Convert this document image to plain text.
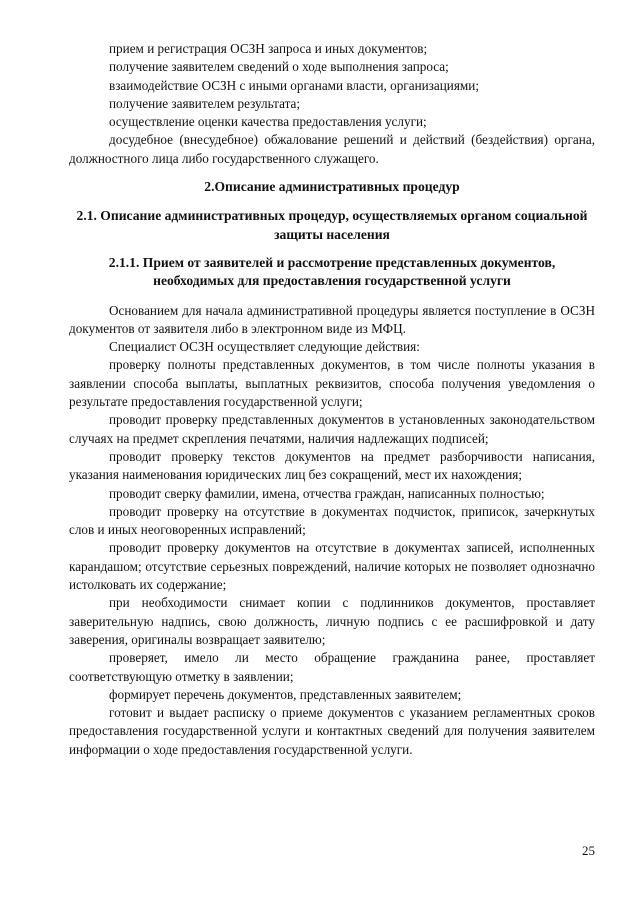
прием и регистрация ОСЗН запроса и иных документов;

получение заявителем сведений о ходе выполнения запроса;

взаимодействие ОСЗН с иными органами власти, организациями;

получение заявителем результата;

осуществление оценки качества предоставления услуги;

досудебное (внесудебное) обжалование решений и действий (бездействия) органа, должностного лица либо государственного служащего.

2.Описание административных процедур

2.1. Описание административных процедур, осуществляемых органом социальной защиты населения

2.1.1. Прием от заявителей и рассмотрение представленных документов, необходимых для предоставления государственной услуги

Основанием для начала административной процедуры является поступление в ОСЗН документов от заявителя либо в электронном виде из МФЦ.

Специалист ОСЗН осуществляет следующие действия:

проверку полноты представленных документов, в том числе полноты указания в заявлении способа выплаты, выплатных реквизитов, способа получения уведомления о результате предоставления государственной услуги;

проводит проверку представленных документов в установленных законодательством случаях на предмет скрепления печатями, наличия надлежащих подписей;

проводит проверку текстов документов на предмет разборчивости написания, указания наименования юридических лиц без сокращений, мест их нахождения;

проводит сверку фамилии, имена, отчества граждан, написанных полностью;

проводит проверку на отсутствие в документах подчисток, приписок, зачеркнутых слов и иных неоговоренных исправлений;

проводит проверку документов на отсутствие в документах записей, исполненных карандашом; отсутствие серьезных повреждений, наличие которых не позволяет однозначно истолковать их содержание;

при необходимости снимает копии с подлинников документов, проставляет заверительную надпись, свою должность, личную подпись с ее расшифровкой и дату заверения, оригиналы возвращает заявителю;

проверяет, имело ли место обращение гражданина ранее, проставляет соответствующую отметку в заявлении;

формирует перечень документов, представленных заявителем;

готовит и выдает расписку о приеме документов с указанием регламентных сроков предоставления государственной услуги и контактных сведений для получения заявителем информации о ходе предоставления государственной услуги.

25
